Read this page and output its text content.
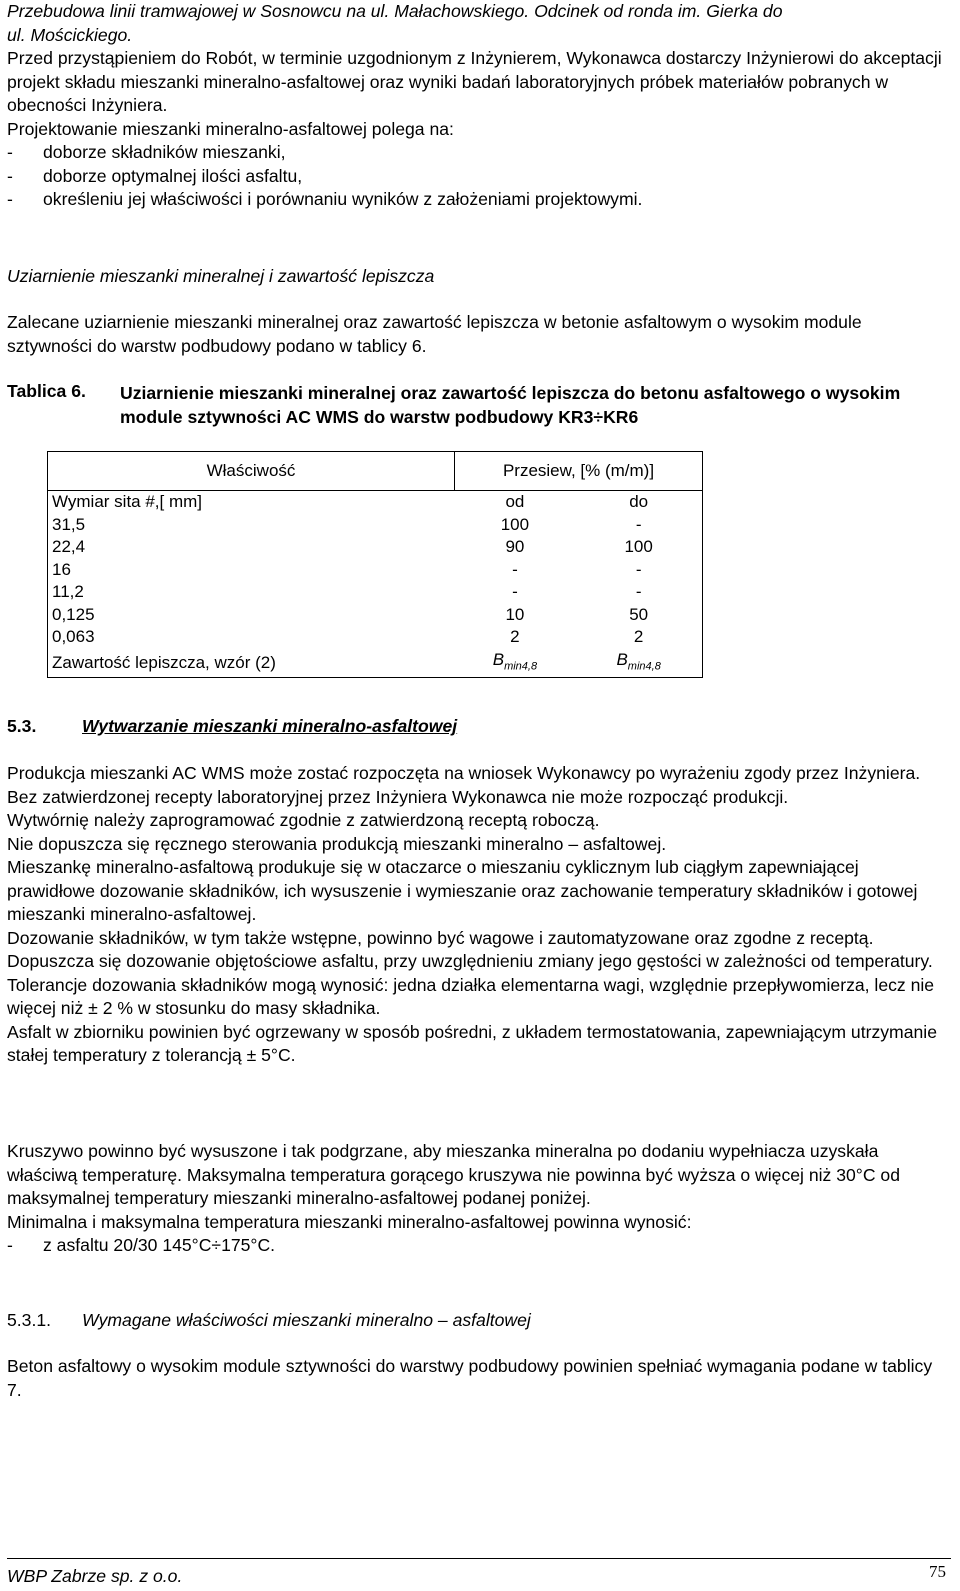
Przebudowa linii tramwajowej w Sosnowcu na ul. Małachowskiego. Odcinek od ronda im. Gierka do

ul. Mościckiego.

Przed przystąpieniem do Robót, w terminie uzgodnionym z Inżynierem, Wykonawca dostarczy Inżynierowi do akceptacji projekt składu mieszanki mineralno-asfaltowej oraz wyniki badań laboratoryjnych próbek materiałów pobranych w obecności Inżyniera.

Projektowanie mieszanki mineralno-asfaltowej polega na:

-	doborze składników mieszanki,
-	doborze optymalnej ilości asfaltu,
-	określeniu jej właściwości i porównaniu wyników z założeniami projektowymi.
Uziarnienie mieszanki mineralnej i zawartość lepiszcza

Zalecane uziarnienie mieszanki mineralnej oraz zawartość lepiszcza w betonie asfaltowym o wysokim module sztywności do warstw podbudowy podano w tablicy 6.

Tablica 6.	Uziarnienie mieszanki mineralnej oraz zawartość lepiszcza do betonu asfaltowego o wysokim module sztywności AC WMS do warstw podbudowy KR3÷KR6
Właściwość	Przesiew, [% (m/m)]	
Wymiar sita #,[ mm]	od	do
31,5	100	-
22,4	90	100
16	-	-
11,2	-	-
0,125	10	50
0,063	2	2
Zawartość lepiszcza, wzór (2)	$B_{min4,8}$	$B_{min4,8}$
5.3.	Wytwarzanie mieszanki mineralno-asfaltowej

Produkcja mieszanki AC WMS może zostać rozpoczęta na wniosek Wykonawcy po wyrażeniu zgody przez Inżyniera.

Bez zatwierdzonej recepty laboratoryjnej przez Inżyniera Wykonawca nie może rozpocząć produkcji.

Wytwórnię należy zaprogramować zgodnie z zatwierdzoną receptą roboczą.

Nie dopuszcza się ręcznego sterowania produkcją mieszanki mineralno – asfaltowej.

Mieszankę mineralno-asfaltową produkuje się w otaczarce o mieszaniu cyklicznym lub ciągłym zapewniającej prawidłowe dozowanie składników, ich wysuszenie i wymieszanie oraz zachowanie temperatury składników i gotowej mieszanki mineralno-asfaltowej.

Dozowanie składników, w tym także wstępne, powinno być wagowe i zautomatyzowane oraz zgodne z receptą. Dopuszcza się dozowanie objętościowe asfaltu, przy uwzględnieniu zmiany jego gęstości w zależności od temperatury.

Tolerancje dozowania składników mogą wynosić: jedna działka elementarna wagi, względnie przepływomierza, lecz nie więcej niż ± 2 % w stosunku do masy składnika.

Asfalt w zbiorniku powinien być ogrzewany w sposób pośredni, z układem termostatowania, zapewniającym utrzymanie stałej temperatury z tolerancją ± 5°C.

Kruszywo powinno być wysuszone i tak podgrzane, aby mieszanka mineralna po dodaniu wypełniacza uzyskała właściwą temperaturę. Maksymalna temperatura gorącego kruszywa nie powinna być wyższa o więcej niż 30°C od maksymalnej temperatury mieszanki mineralno-asfaltowej podanej poniżej.

Minimalna i maksymalna temperatura mieszanki mineralno-asfaltowej powinna wynosić:

-	z asfaltu 20/30 145°C÷175°C.
5.3.1.	Wymagane właściwości mieszanki mineralno – asfaltowej

Beton asfaltowy o wysokim module sztywności do warstwy podbudowy powinien spełniać wymagania podane w tablicy 7.

WBP Zabrze sp. z o.o.	75
